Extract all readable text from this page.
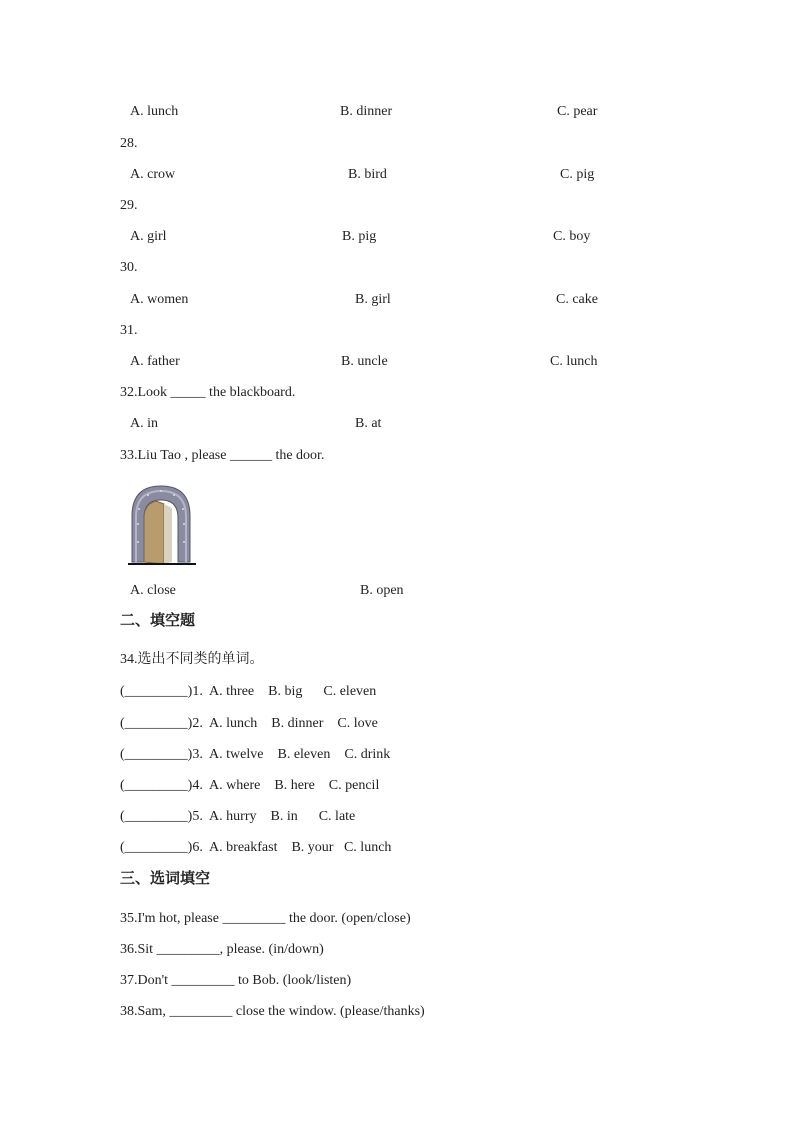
A. lunch	B. dinner	C. pear
28.
A. crow	B. bird	C. pig
29.
A. girl	B. pig	C. boy
30.
A. women	B. girl	C. cake
31.
A. father	B. uncle	C. lunch
32.Look _____ the blackboard.
A. in	B. at
33.Liu Tao , please ______ the door.
A. close	B. open
二、填空题
34.选出不同类的单词。
(_________)1.  A. three    B. big      C. eleven
(_________)2.  A. lunch    B. dinner    C. love
(_________)3.  A. twelve    B. eleven    C. drink
(_________)4.  A. where    B. here    C. pencil
(_________)5.  A. hurry    B. in      C. late
(_________)6.  A. breakfast    B. your   C. lunch
三、选词填空
35.I'm hot, please _________ the door. (open/close)
36.Sit _________, please. (in/down)
37.Don't _________ to Bob. (look/listen)
38.Sam, _________ close the window. (please/thanks)
